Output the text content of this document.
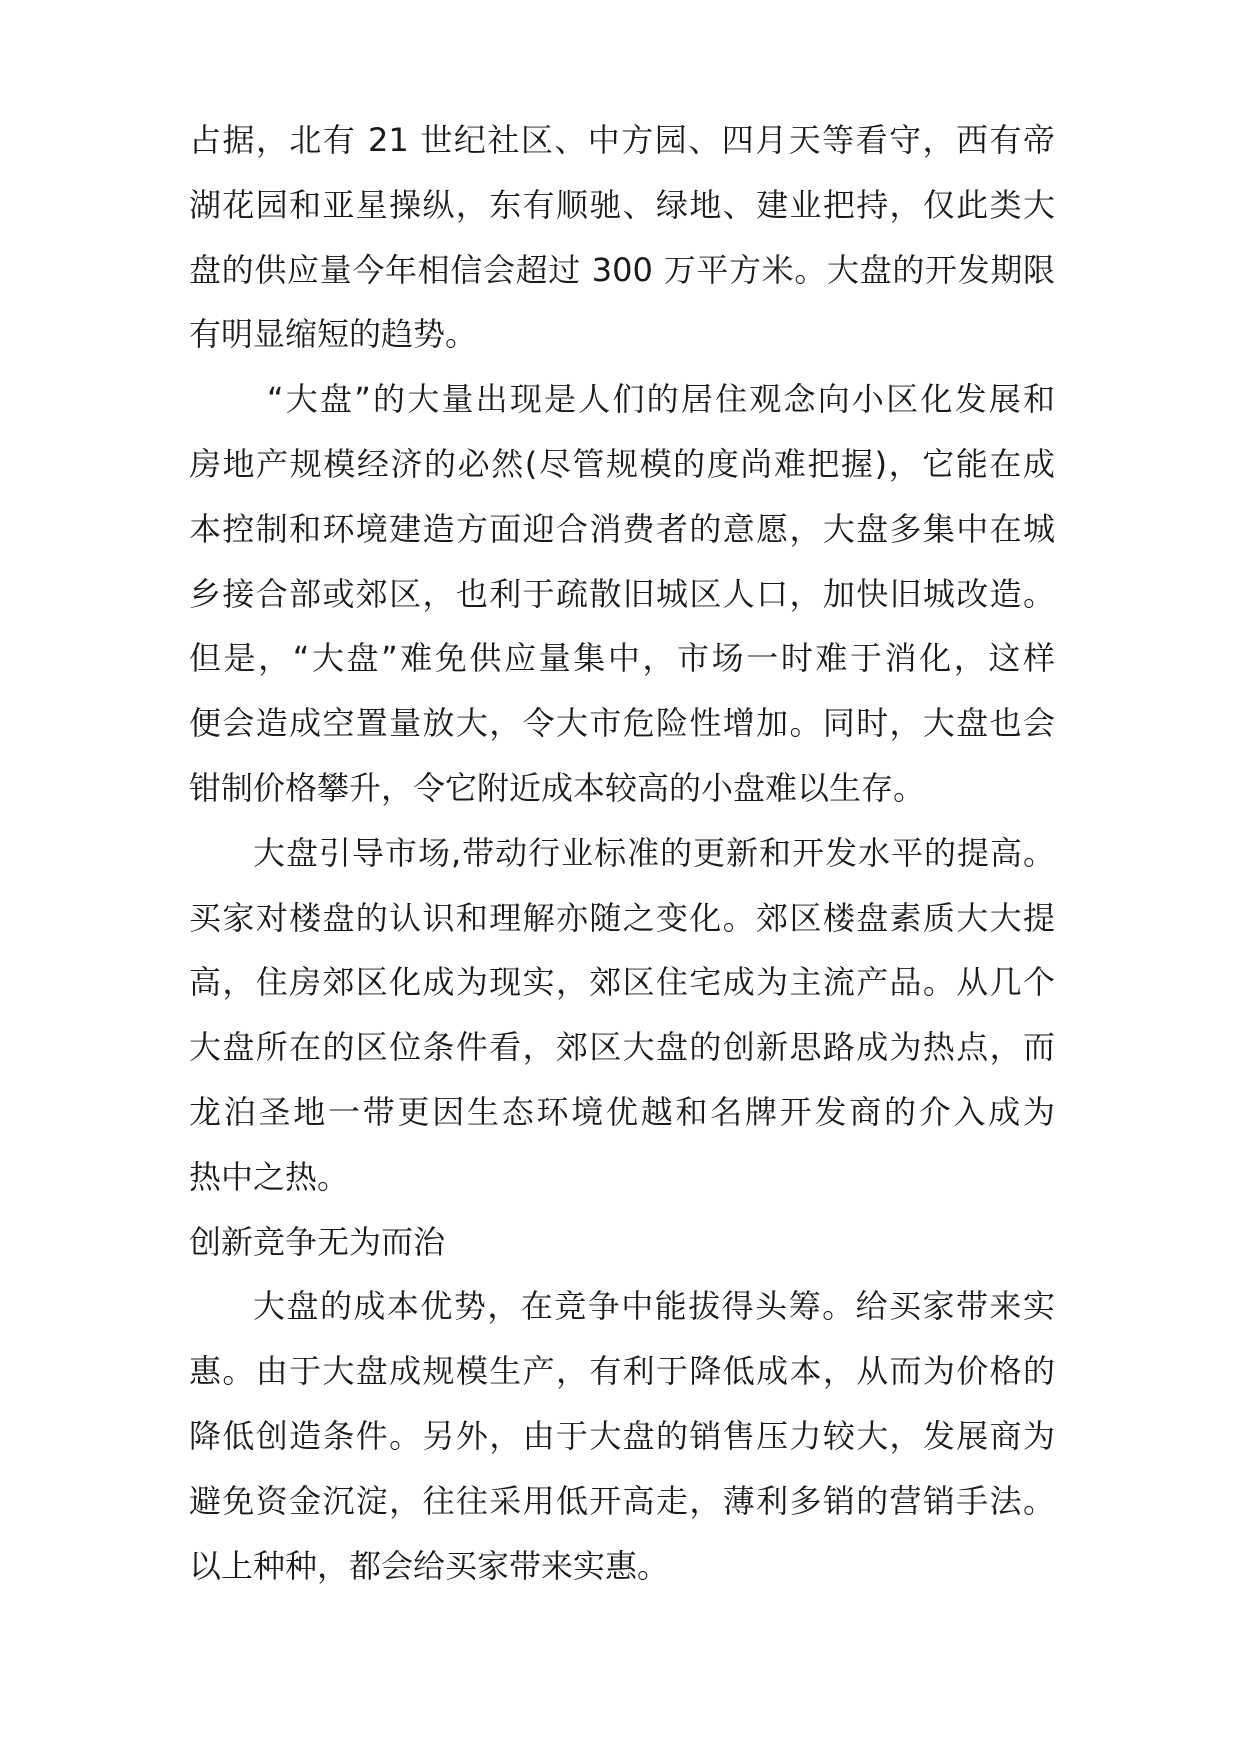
占据，北有 21 世纪社区、中方园、四月天等看守，西有帝
湖花园和亚星操纵，东有顺驰、绿地、建业把持，仅此类大
盘的供应量今年相信会超过 300 万平方米。大盘的开发期限
有明显缩短的趋势。
“大盘”的大量出现是人们的居住观念向小区化发展和
房地产规模经济的必然(尽管规模的度尚难把握)，它能在成
本控制和环境建造方面迎合消费者的意愿，大盘多集中在城
乡接合部或郊区，也利于疏散旧城区人口，加快旧城改造。
但是，“大盘”难免供应量集中，市场一时难于消化，这样
便会造成空置量放大，令大市危险性增加。同时，大盘也会
钳制价格攀升，令它附近成本较高的小盘难以生存。
大盘引导市场,带动行业标准的更新和开发水平的提高。
买家对楼盘的认识和理解亦随之变化。郊区楼盘素质大大提
高，住房郊区化成为现实，郊区住宅成为主流产品。从几个
大盘所在的区位条件看，郊区大盘的创新思路成为热点，而
龙泊圣地一带更因生态环境优越和名牌开发商的介入成为
热中之热。
创新竞争无为而治
大盘的成本优势，在竞争中能拔得头筹。给买家带来实
惠。由于大盘成规模生产，有利于降低成本，从而为价格的
降低创造条件。另外，由于大盘的销售压力较大，发展商为
避免资金沉淀，往往采用低开高走，薄利多销的营销手法。
以上种种，都会给买家带来实惠。
